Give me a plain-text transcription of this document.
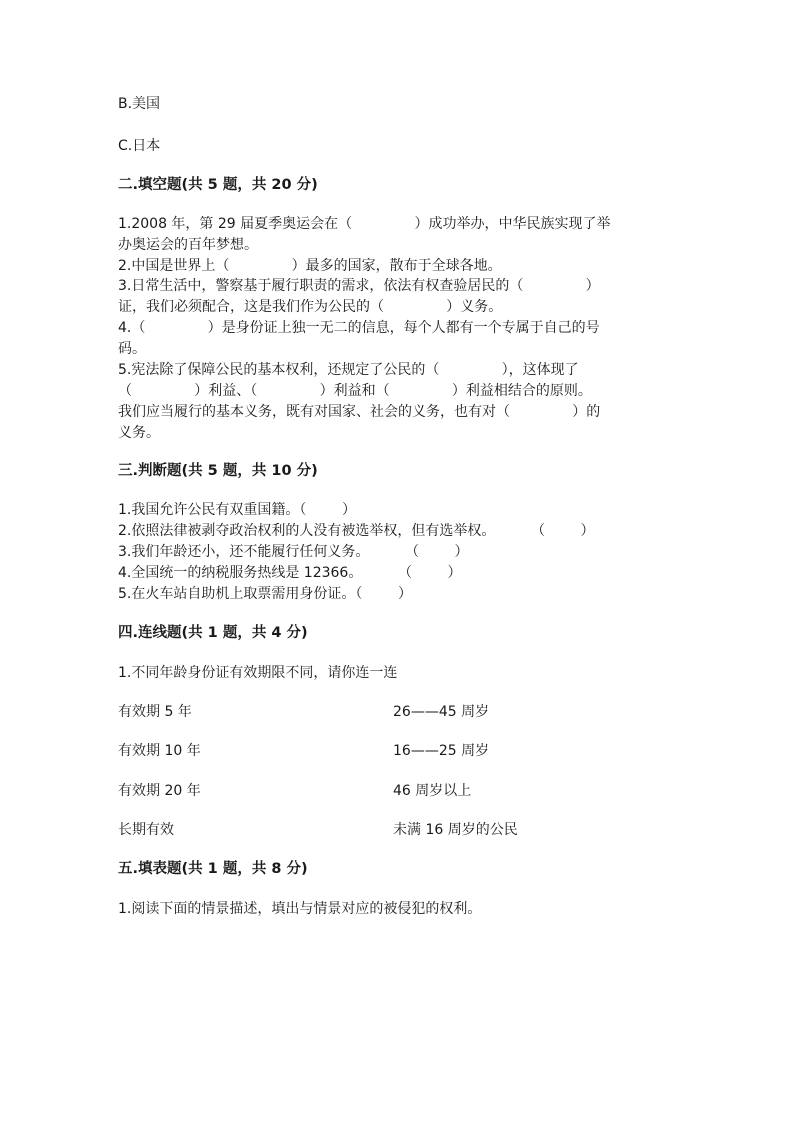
B.美国
C.日本
二.填空题(共 5 题，共 20 分)
1.2008 年，第 29 届夏季奥运会在（              ）成功举办，中华民族实现了举
办奥运会的百年梦想。
2.中国是世界上（              ）最多的国家，散布于全球各地。
3.日常生活中，警察基于履行职责的需求，依法有权查验居民的（              ）
证，我们必须配合，这是我们作为公民的（              ）义务。
4.（              ）是身份证上独一无二的信息，每个人都有一个专属于自己的号
码。
5.宪法除了保障公民的基本权利，还规定了公民的（              ），这体现了
（              ）利益、（              ）利益和（              ）利益相结合的原则。
我们应当履行的基本义务，既有对国家、社会的义务，也有对（              ）的
义务。
三.判断题(共 5 题，共 10 分)
1.我国允许公民有双重国籍。（        ）
2.依照法律被剥夺政治权利的人没有被选举权，但有选举权。        （        ）
3.我们年龄还小，还不能履行任何义务。        （        ）
4.全国统一的纳税服务热线是 12366。        （        ）
5.在火车站自助机上取票需用身份证。（        ）
四.连线题(共 1 题，共 4 分)
1.不同年龄身份证有效期限不同，请你连一连
有效期 5 年	26——45 周岁
有效期 10 年	16——25 周岁
有效期 20 年	46 周岁以上
长期有效	未满 16 周岁的公民
五.填表题(共 1 题，共 8 分)
1.阅读下面的情景描述，填出与情景对应的被侵犯的权利。
